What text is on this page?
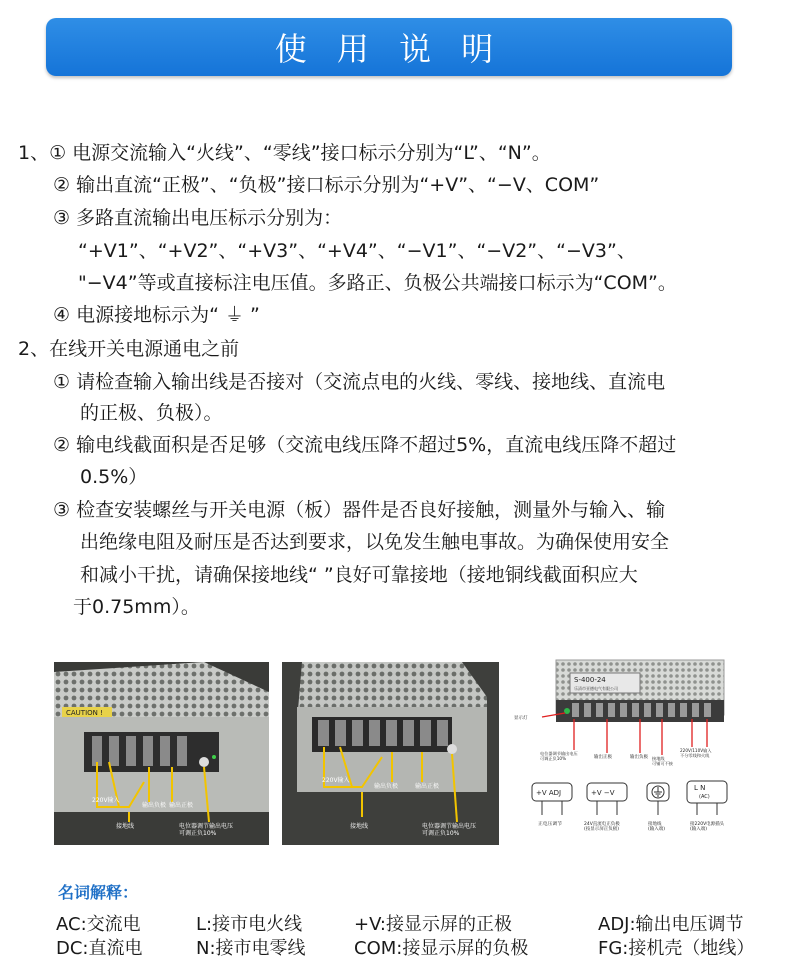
使 用 说 明
1、① 电源交流输入“火线”、“零线”接口标示分别为“L”、“N”。
② 输出直流“正极”、“负极”接口标示分别为“+V”、“−V、COM”
③ 多路直流输出电压标示分别为：
“+V1”、“+V2”、“+V3”、“+V4”、“−V1”、“−V2”、“−V3”、
"−V4”等或直接标注电压值。多路正、负极公共端接口标示为“COM”。
④ 电源接地标示为“ ⏚ ”
2、在线开关电源通电之前
① 请检查输入输出线是否接对（交流点电的火线、零线、接地线、直流电
的正极、负极）。
② 输电线截面积是否足够（交流电线压降不超过5%，直流电线压降不超过
0.5%）
③ 检查安装螺丝与开关电源（板）器件是否良好接触，测量外与输入、输
出绝缘电阻及耐压是否达到要求，以免发生触电事故。为确保使用安全
和减小干扰，请确保接地线“ ”良好可靠接地（接地铜线截面积应大
于0.75mm）。
CAUTION !
220V输入
输出负极 输出正极
接地线	电位器调节输出电压可调正负10%
220V输入
输出负极	输出正极
接地线	电位器调节输出电压可调正负10%
S-400-24
乐清市亚德电气有限公司
显示灯
电位器调节输出电压可调正负10%	输出正极	输出负极 接地线可铺可不接
220V/110V输入不分零线和火线
+V ADJ	+V −V
L N
(AC)
正电压调节	24V直流电正负极(按显示屏正负极)
接地线(输入端)
接220V电源插头(输入端)
名词解释：
AC:交流电	L:接市电火线	+V:接显示屏的正极	ADJ:输出电压调节
DC:直流电	N:接市电零线	COM:接显示屏的负极	FG:接机壳（地线）
